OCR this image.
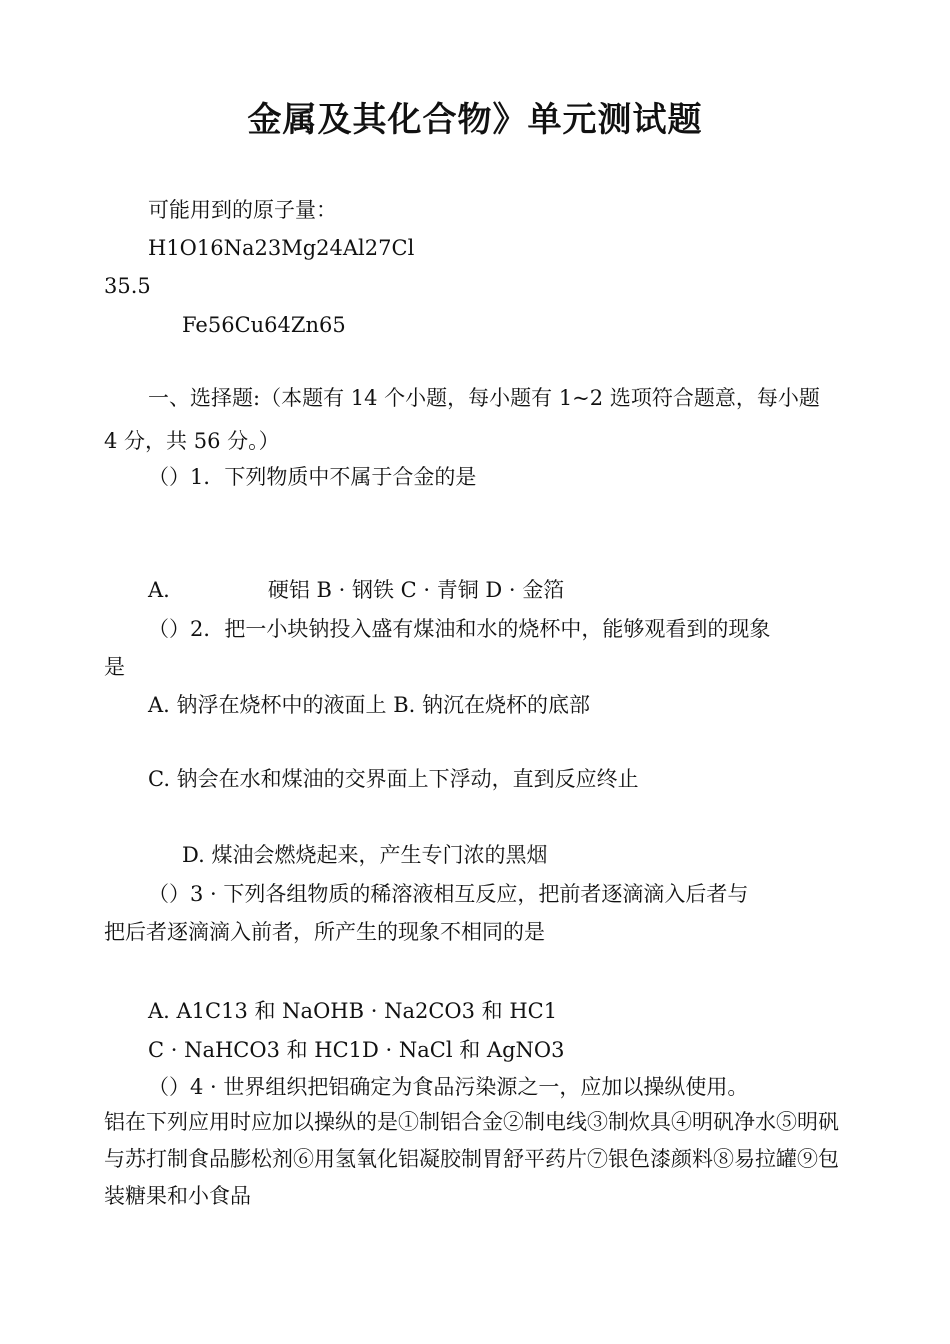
金属及其化合物》单元测试题
可能用到的原子量：
H1O16Na23Mg24Al27Cl
35.5
Fe56Cu64Zn65
一、选择题:（本题有 14 个小题，每小题有 1~2 选项符合题意，每小题
4 分，共 56 分。）
（）1．下列物质中不属于合金的是
A.	硬铝 B · 钢铁 C · 青铜 D · 金箔
（）2．把一小块钠投入盛有煤油和水的烧杯中，能够观看到的现象
是
A. 钠浮在烧杯中的液面上 B. 钠沉在烧杯的底部
C. 钠会在水和煤油的交界面上下浮动，直到反应终止
D. 煤油会燃烧起来，产生专门浓的黑烟
（）3 · 下列各组物质的稀溶液相互反应，把前者逐滴滴入后者与
把后者逐滴滴入前者，所产生的现象不相同的是
A. A1C13 和 NaOHB · Na2CO3 和 HC1
C · NaHCO3 和 HC1D · NaCl 和 AgNO3
（）4 · 世界组织把铝确定为食品污染源之一，应加以操纵使用。
铝在下列应用时应加以操纵的是①制铝合金②制电线③制炊具④明矾净水⑤明矾与苏打制食品膨松剂⑥用氢氧化铝凝胶制胃舒平药片⑦银色漆颜料⑧易拉罐⑨包装糖果和小食品
